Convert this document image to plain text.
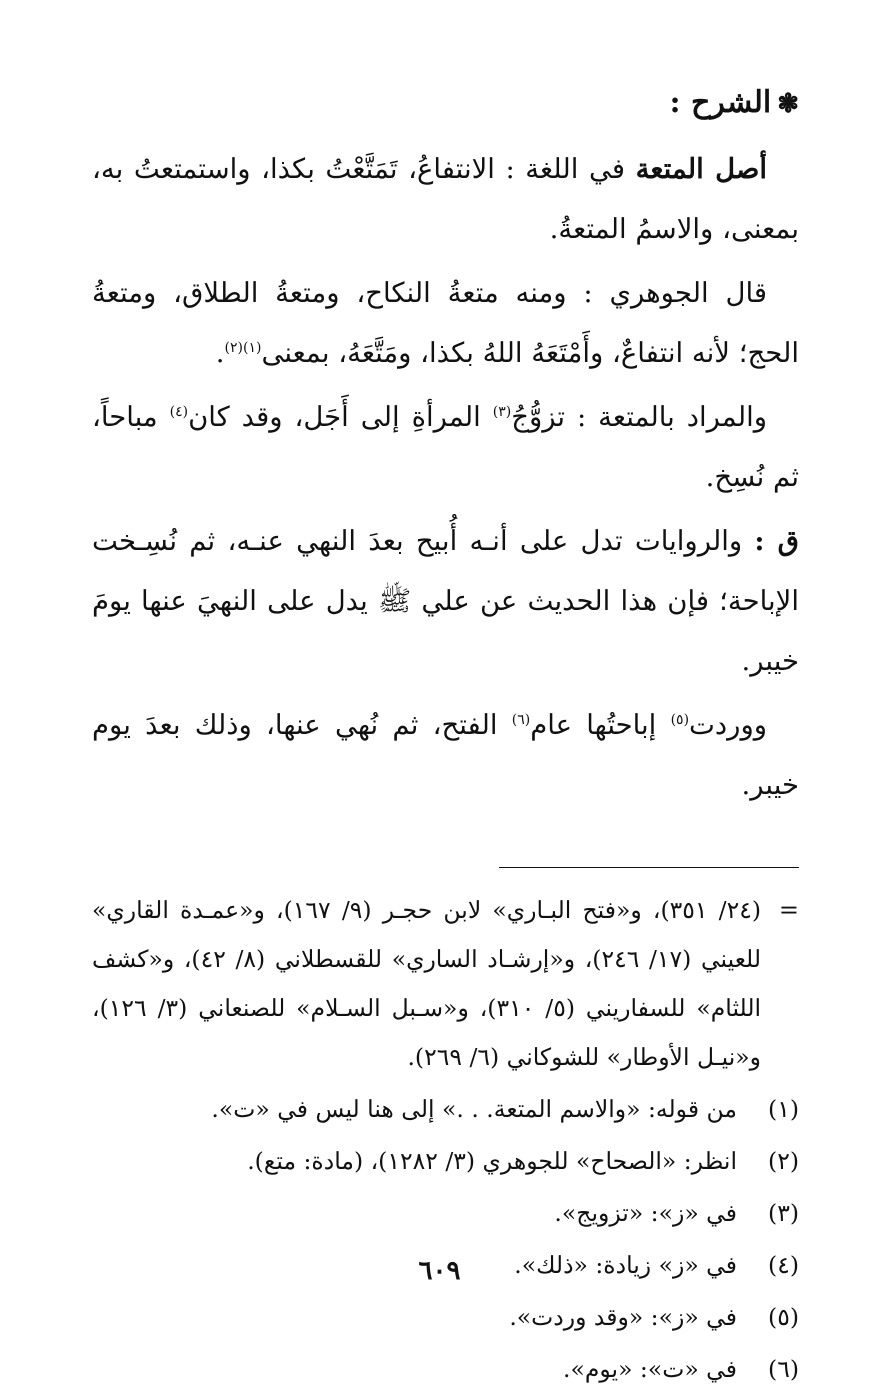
❃الشرح :

أصل المتعة في اللغة : الانتفاعُ، تَمَتَّعْتُ بكذا، واستمتعتُ به، بمعنى، والاسمُ المتعةُ.

قال الجوهري : ومنه متعةُ النكاح، ومتعةُ الطلاق، ومتعةُ الحج؛ لأنه انتفاعٌ، وأَمْتَعَهُ اللهُ بكذا، ومَتَّعَهُ، بمعنى$^{(١)(٢)}$.

والمراد بالمتعة : تزوُّجُ$^{(٣)}$ المرأةِ إلى أَجَل، وقد كان$^{(٤)}$ مباحاً، ثم نُسِخ.

ق : والروايات تدل على أنـه أُبيح بعدَ النهي عنـه، ثم نُسِـخت الإباحة؛ فإن هذا الحديث عن علي ﷺ يدل على النهيَ عنها يومَ خيبر.

ووردت$^{(٥)}$ إباحتُها عام$^{(٦)}$ الفتح، ثم نُهي عنها، وذلك بعدَ يوم خيبر.

=
(٢٤/ ٣٥١)، و«فتح البـاري» لابن حجـر (٩/ ١٦٧)، و«عمـدة القاري» للعيني (١٧/ ٢٤٦)، و«إرشـاد الساري» للقسطلاني (٨/ ٤٢)، و«كشف اللثام» للسفاريني (٥/ ٣١٠)، و«سـبل السـلام» للصنعاني (٣/ ١٢٦)، و«نيـل الأوطار» للشوكاني (٦/ ٢٦٩).
(١)
من قوله: «والاسم المتعة. . .» إلى هنا ليس في «ت».
(٢)
انظر: «الصحاح» للجوهري (٣/ ١٢٨٢)، (مادة: متع).
(٣)
في «ز»: «تزويج».
(٤)
في «ز» زيادة: «ذلك».
(٥)
في «ز»: «وقد وردت».
(٦)
في «ت»: «يوم».
٦٠٩
